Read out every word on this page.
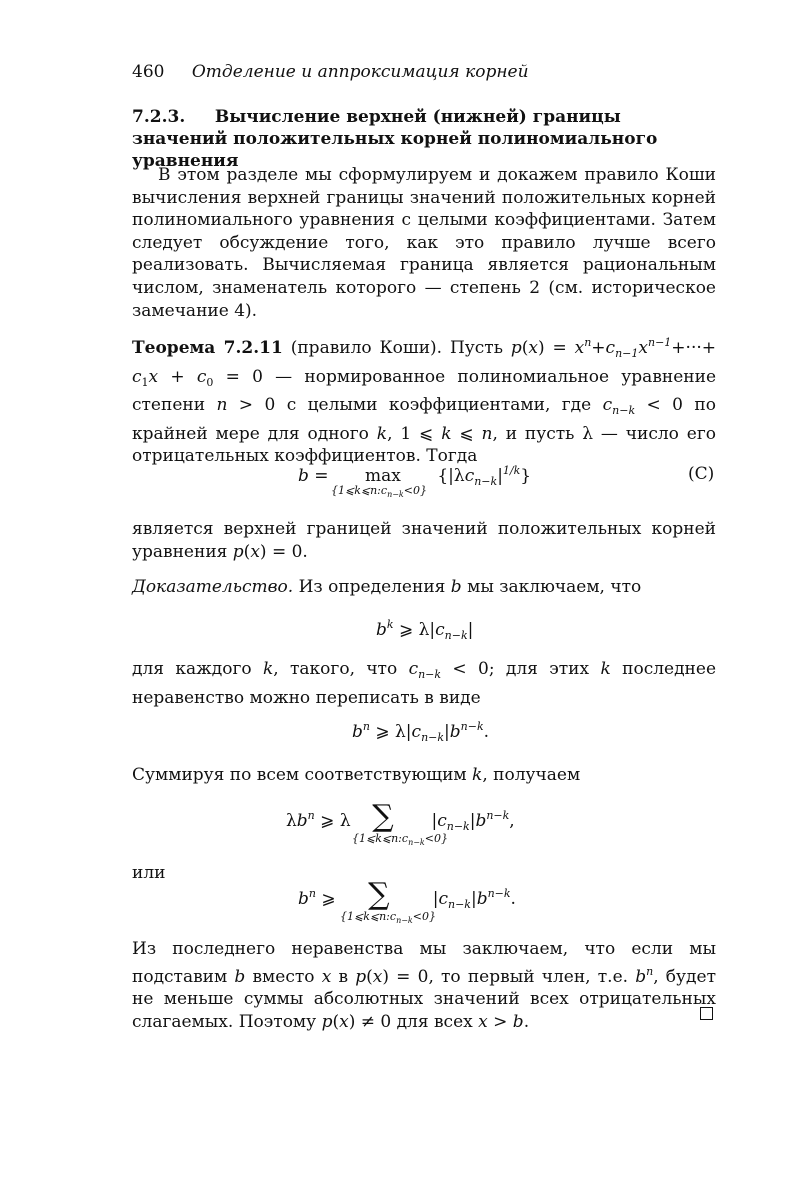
460 Отделение и аппроксимация корней
7.2.3. Вычисление верхней (нижней) границы значений положительных корней полиномиального уравнения
В этом разделе мы сформулируем и докажем правило Коши вычисления верхней границы значений положительных корней полиномиального уравнения с целыми коэффициентами. Затем следует обсуждение того, как это правило лучше всего реализовать. Вычисляемая граница является рациональным числом, знаменатель которого — степень 2 (см. историческое замечание 4).
Теорема 7.2.11 (правило Коши). Пусть $p(x) = x^n+c_{n-1}x^{n-1}+\cdot\cdot\cdot+ c_1x + c_0 = 0$ — нормированное полиномиальное уравнение степени n > 0 с целыми коэффициентами, где $c_{n-k} < 0$ по крайней мере для одного k, 1 ⩽ k ⩽ n, и пусть λ — число его отрицательных коэффициентов. Тогда
$b = \max \{|\lambda c_{n-k}|^{1/k}\}$
$\{1⩽k⩽n:c_{n-k}<0\}$
(C)
является верхней границей значений положительных корней уравнения p(x) = 0.
Доказательство. Из определения b мы заключаем, что
$b^k$ ⩾ $\lambda|c_{n-k}|$
для каждого k, такого, что $c_{n-k} < 0$; для этих k последнее неравенство можно переписать в виде
$b^n$ ⩾ $\lambda|c_{n-k}|b^{n-k}$.
Суммируя по всем соответствующим k, получаем
$\lambda b^n$ ⩾ λ    ∑       $|c_{n-k}|b^{n-k}$,
$\{1⩽k⩽n:c_{n-k}<0\}$
или
$b^n$ ⩾      ∑        $|c_{n-k}|b^{n-k}$.
$\{1⩽k⩽n:c_{n-k}<0\}$
Из последнего неравенства мы заключаем, что если мы подставим b вместо x в p(x) = 0, то первый член, т.е. $b^n$, будет не меньше суммы абсолютных значений всех отрицательных слагаемых. Поэтому p(x) ≠ 0 для всех x > b.
